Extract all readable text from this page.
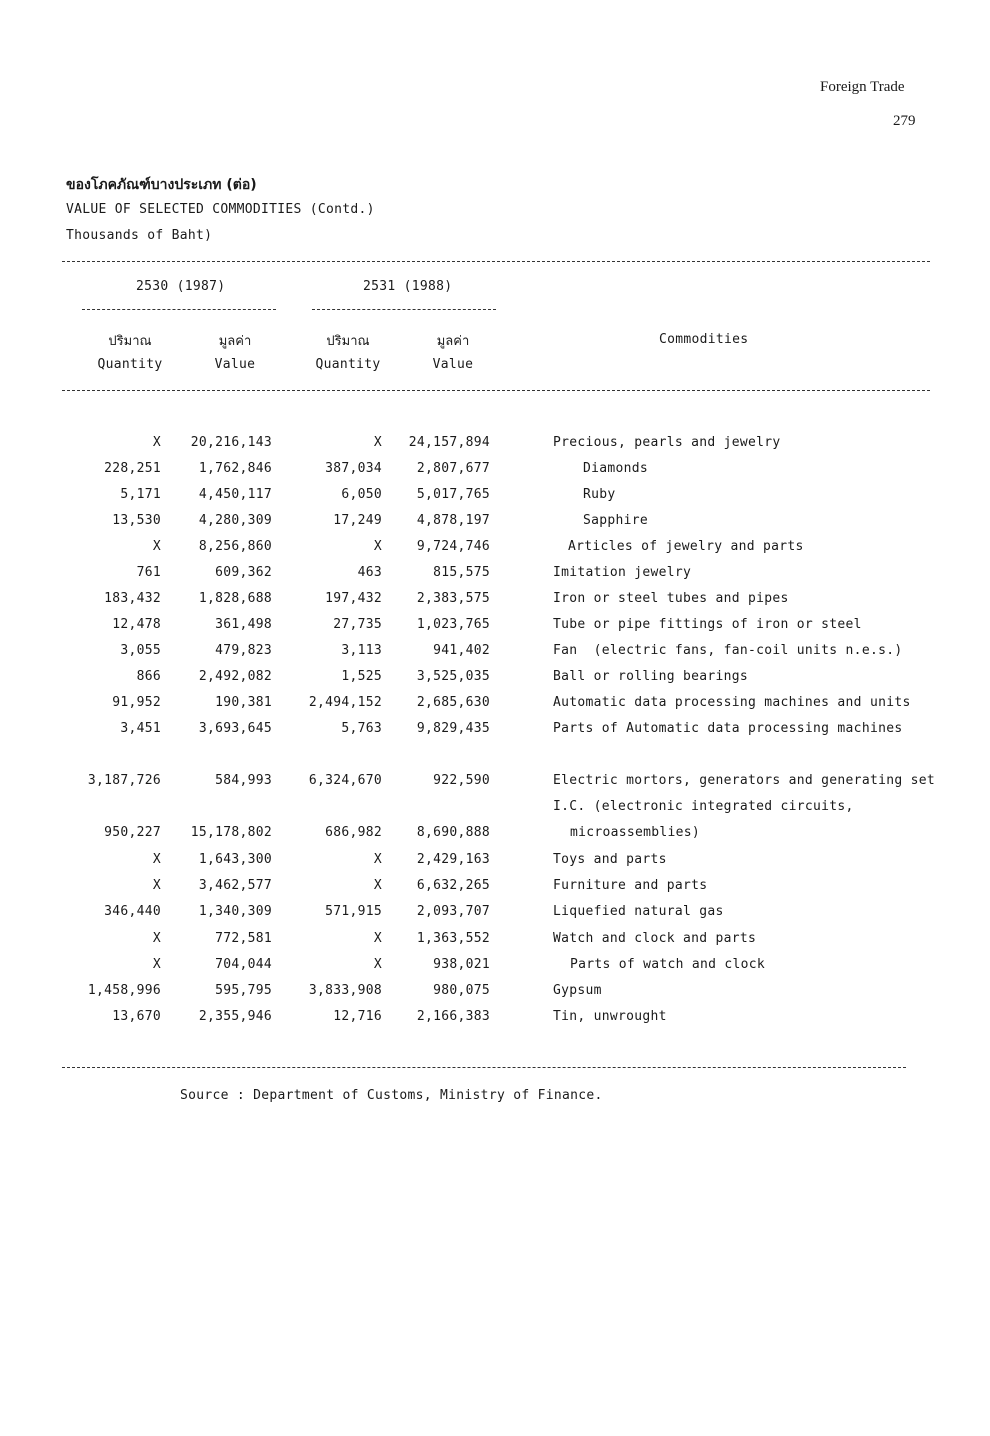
Foreign Trade
279
ของโภคภัณฑ์บางประเภท (ต่อ)
VALUE OF SELECTED COMMODITIES (Contd.)
Thousands of Baht)
2530 (1987)	2531 (1988)
ปริมาณ
Quantity
มูลค่า
Value
ปริมาณ
Quantity
มูลค่า
Value
Commodities
X 20,216,143	X 24,157,894	Precious, pearls and jewelry
228,251	1,762,846	387,034	2,807,677	Diamonds
5,171	4,450,117	6,050	5,017,765	Ruby
13,530	4,280,309	17,249	4,878,197	Sapphire
X	8,256,860	X	9,724,746	Articles of jewelry and parts
761	609,362	463	815,575	Imitation jewelry
183,432	1,828,688	197,432	2,383,575	Iron or steel tubes and pipes
12,478	361,498	27,735	1,023,765	Tube or pipe fittings of iron or steel
3,055	479,823	3,113	941,402	Fan  (electric fans, fan-coil units n.e.s.)
866	2,492,082	1,525	3,525,035	Ball or rolling bearings
91,952	190,381	2,494,152	2,685,630	Automatic data processing machines and units
3,451	3,693,645	5,763	9,829,435	Parts of Automatic data processing machines
3,187,726	584,993	6,324,670	922,590	Electric mortors, generators and generating set
I.C. (electronic integrated circuits,
950,227 15,178,802	686,982	8,690,888	microassemblies)
X	1,643,300	X	2,429,163	Toys and parts
X	3,462,577	X	6,632,265	Furniture and parts
346,440	1,340,309	571,915	2,093,707	Liquefied natural gas
X	772,581	X	1,363,552	Watch and clock and parts
X	704,044	X	938,021	Parts of watch and clock
1,458,996	595,795	3,833,908	980,075	Gypsum
13,670	2,355,946	12,716	2,166,383	Tin, unwrought
Source : Department of Customs, Ministry of Finance.
